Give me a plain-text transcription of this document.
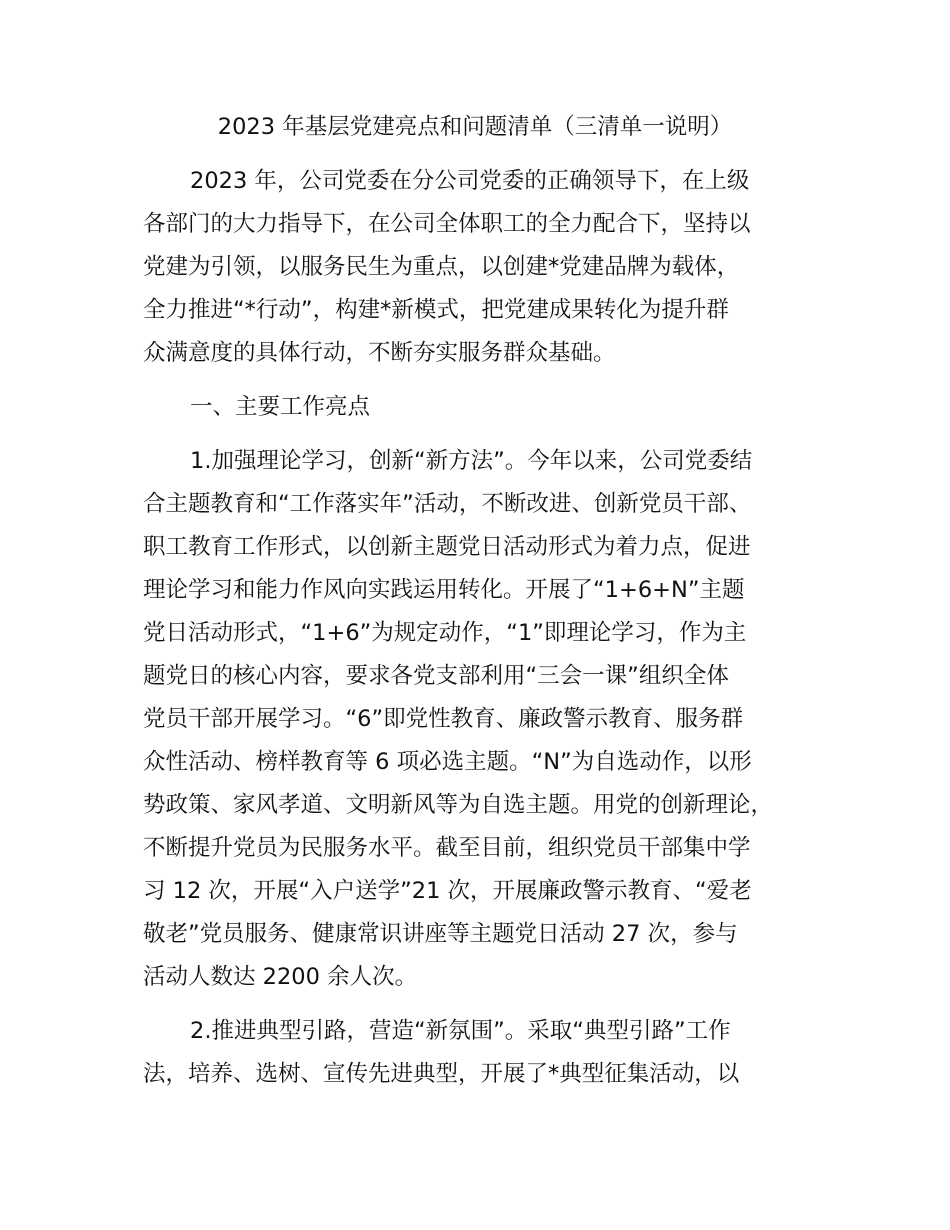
2023 年基层党建亮点和问题清单（三清单一说明）
2023 年，公司党委在分公司党委的正确领导下，在上级
各部门的大力指导下，在公司全体职工的全力配合下，坚持以
党建为引领，以服务民生为重点，以创建*党建品牌为载体，
全力推进“*行动”，构建*新模式，把党建成果转化为提升群
众满意度的具体行动，不断夯实服务群众基础。
一、主要工作亮点
1.加强理论学习，创新“新方法”。今年以来，公司党委结
合主题教育和“工作落实年”活动，不断改进、创新党员干部、
职工教育工作形式，以创新主题党日活动形式为着力点，促进
理论学习和能力作风向实践运用转化。开展了“1+6+N”主题
党日活动形式，“1+6”为规定动作，“1”即理论学习，作为主
题党日的核心内容，要求各党支部利用“三会一课”组织全体
党员干部开展学习。“6”即党性教育、廉政警示教育、服务群
众性活动、榜样教育等 6 项必选主题。“N”为自选动作，以形
势政策、家风孝道、文明新风等为自选主题。用党的创新理论，
不断提升党员为民服务水平。截至目前，组织党员干部集中学
习 12 次，开展“入户送学”21 次，开展廉政警示教育、“爱老
敬老”党员服务、健康常识讲座等主题党日活动 27 次，参与
活动人数达 2200 余人次。
2.推进典型引路，营造“新氛围”。采取“典型引路”工作
法，培养、选树、宣传先进典型，开展了*典型征集活动，以
